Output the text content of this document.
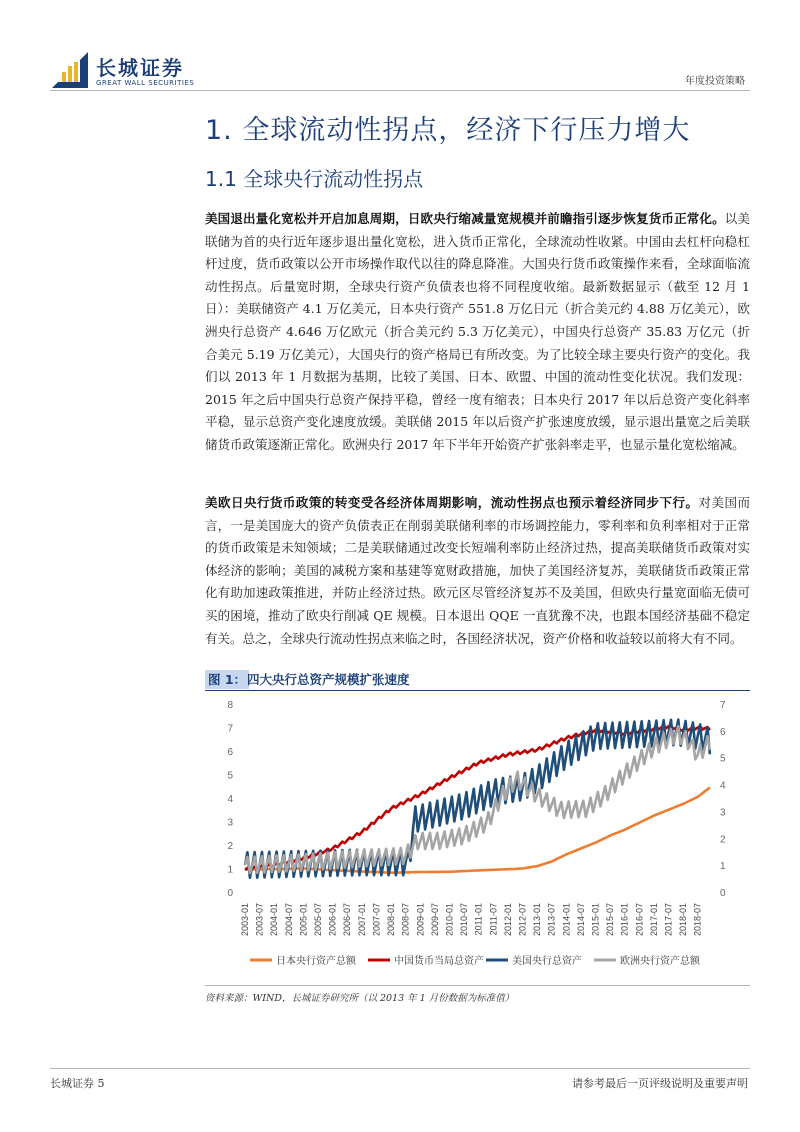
长城证券
GREAT WALL SECURITIES	年度投资策略
1. 全球流动性拐点，经济下行压力增大
1.1 全球央行流动性拐点
美国退出量化宽松并开启加息周期，日欧央行缩减量宽规模并前瞻指引逐步恢复货币正常化。以美联储为首的央行近年逐步退出量化宽松，进入货币正常化，全球流动性收紧。中国由去杠杆向稳杠杆过度，货币政策以公开市场操作取代以往的降息降准。大国央行货币政策操作来看，全球面临流动性拐点。后量宽时期，全球央行资产负债表也将不同程度收缩。最新数据显示（截至 12 月 1 日）：美联储资产 4.1 万亿美元，日本央行资产 551.8 万亿日元（折合美元约 4.88 万亿美元），欧洲央行总资产 4.646 万亿欧元（折合美元约 5.3 万亿美元），中国央行总资产 35.83 万亿元（折合美元 5.19 万亿美元），大国央行的资产格局已有所改变。为了比较全球主要央行资产的变化。我们以 2013 年 1 月数据为基期，比较了美国、日本、欧盟、中国的流动性变化状况。我们发现：2015 年之后中国央行总资产保持平稳，曾经一度有缩表；日本央行 2017 年以后总资产变化斜率平稳，显示总资产变化速度放缓。美联储 2015 年以后资产扩张速度放缓，显示退出量宽之后美联储货币政策逐渐正常化。欧洲央行 2017 年下半年开始资产扩张斜率走平，也显示量化宽松缩减。
美欧日央行货币政策的转变受各经济体周期影响，流动性拐点也预示着经济同步下行。对美国而言，一是美国庞大的资产负债表正在削弱美联储利率的市场调控能力，零利率和负利率相对于正常的货币政策是未知领域；二是美联储通过改变长短端利率防止经济过热，提高美联储货币政策对实体经济的影响；美国的减税方案和基建等宽财政措施，加快了美国经济复苏，美联储货币政策正常化有助加速政策推进，并防止经济过热。欧元区尽管经济复苏不及美国，但欧央行量宽面临无债可买的困境，推动了欧央行削减 QE 规模。日本退出 QQE 一直犹豫不决，也跟本国经济基础不稳定有关。总之，全球央行流动性拐点来临之时，各国经济状况，资产价格和收益较以前将大有不同。
图 1： 四大央行总资产规模扩张速度
0
1
2
3
4
5
6
7
8
0
1
2
3
4
5
6
7
2003-01 2003-07 2004-01 2004-07 2005-01 2005-07 2006-01 2006-07 2007-01 2007-07 2008-01 2008-07 2009-01 2009-07 2010-01 2010-07 2011-01 2011-07 2012-01 2012-07 2013-01 2013-07 2014-01 2014-07 2015-01 2015-07 2016-01 2016-07 2017-01 2017-07 2018-01 2018-07
日本央行资产总额	中国货币当局总资产	美国央行总资产	欧洲央行资产总额
资料来源：WIND，长城证券研究所（以 2013 年 1 月份数据为标准值）
长城证券 5	请参考最后一页评级说明及重要声明
